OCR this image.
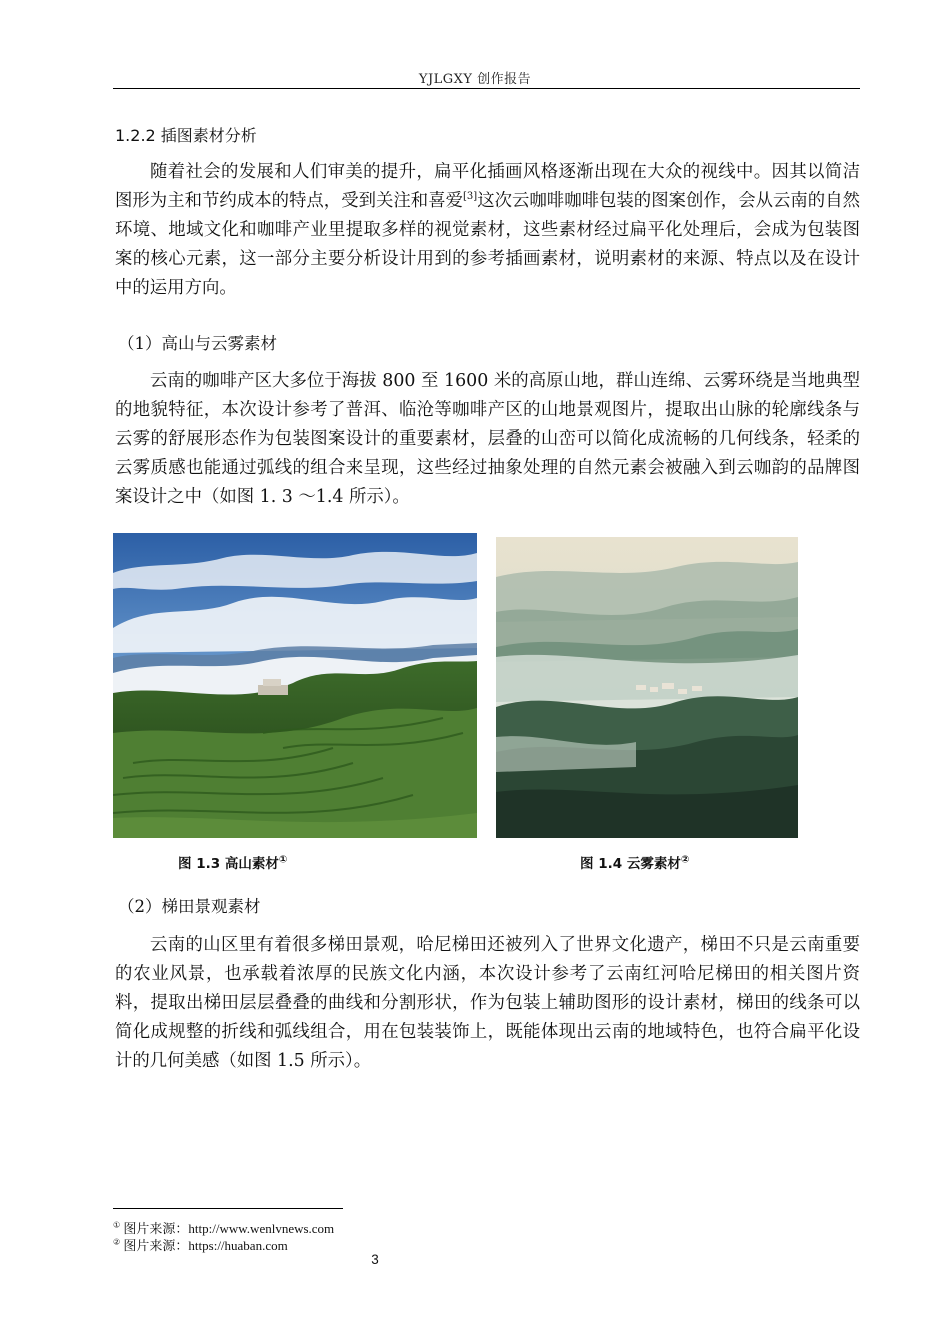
YJLGXY 创作报告
1.2.2 插图素材分析

随着社会的发展和人们审美的提升，扁平化插画风格逐渐出现在大众的视线中。因其以简洁图形为主和节约成本的特点，受到关注和喜爱[3]这次云咖啡咖啡包装的图案创作，会从云南的自然环境、地域文化和咖啡产业里提取多样的视觉素材，这些素材经过扁平化处理后，会成为包装图案的核心元素，这一部分主要分析设计用到的参考插画素材，说明素材的来源、特点以及在设计中的运用方向。

（1）高山与云雾素材

云南的咖啡产区大多位于海拔 800 至 1600 米的高原山地，群山连绵、云雾环绕是当地典型的地貌特征，本次设计参考了普洱、临沧等咖啡产区的山地景观图片，提取出山脉的轮廓线条与云雾的舒展形态作为包装图案设计的重要素材，层叠的山峦可以简化成流畅的几何线条，轻柔的云雾质感也能通过弧线的组合来呈现，这些经过抽象处理的自然元素会被融入到云咖韵的品牌图案设计之中（如图 1. 3 ～1.4 所示）。

图 1.3 高山素材①	图 1.4 云雾素材②
（2）梯田景观素材

云南的山区里有着很多梯田景观，哈尼梯田还被列入了世界文化遗产，梯田不只是云南重要的农业风景，也承载着浓厚的民族文化内涵，本次设计参考了云南红河哈尼梯田的相关图片资料，提取出梯田层层叠叠的曲线和分割形状，作为包装上辅助图形的设计素材，梯田的线条可以简化成规整的折线和弧线组合，用在包装装饰上，既能体现出云南的地域特色，也符合扁平化设计的几何美感（如图 1.5 所示）。

① 图片来源：http://www.wenlvnews.com
② 图片来源：https://huaban.com
3
